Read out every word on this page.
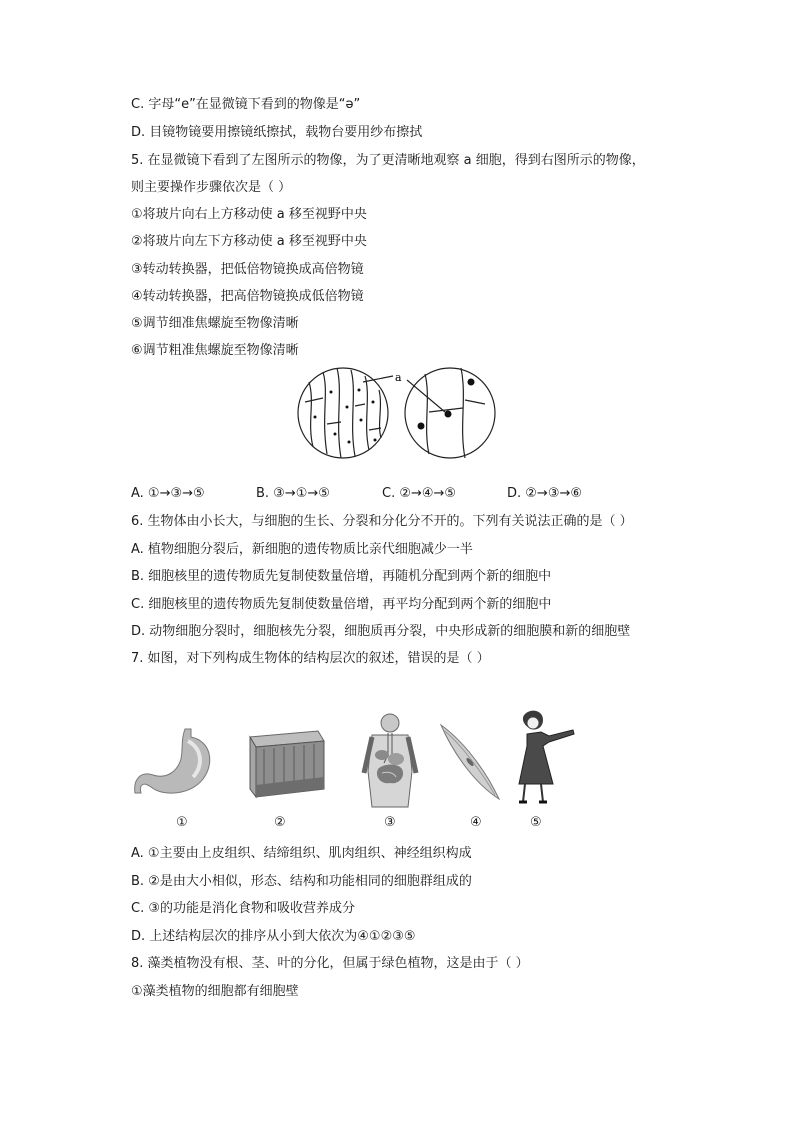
C. 字母“e”在显微镜下看到的物像是“ə”
D. 目镜物镜要用擦镜纸擦拭，载物台要用纱布擦拭
5. 在显微镜下看到了左图所示的物像，为了更清晰地观察 a 细胞，得到右图所示的物像，
则主要操作步骤依次是（ ）
①将玻片向右上方移动使 a 移至视野中央
②将玻片向左下方移动使 a 移至视野中央
③转动转换器，把低倍物镜换成高倍物镜
④转动转换器，把高倍物镜换成低倍物镜
⑤调节细准焦螺旋至物像清晰
⑥调节粗准焦螺旋至物像清晰
a
A. ①→③→⑤	B. ③→①→⑤	C. ②→④→⑤	D. ②→③→⑥
6. 生物体由小长大，与细胞的生长、分裂和分化分不开的。下列有关说法正确的是（ ）
A. 植物细胞分裂后，新细胞的遗传物质比亲代细胞减少一半
B. 细胞核里的遗传物质先复制使数量倍增，再随机分配到两个新的细胞中
C. 细胞核里的遗传物质先复制使数量倍增，再平均分配到两个新的细胞中
D. 动物细胞分裂时，细胞核先分裂，细胞质再分裂，中央形成新的细胞膜和新的细胞壁
7. 如图，对下列构成生物体的结构层次的叙述，错误的是（ ）
①	②	③	④	⑤
A. ①主要由上皮组织、结缔组织、肌肉组织、神经组织构成
B. ②是由大小相似，形态、结构和功能相同的细胞群组成的
C. ③的功能是消化食物和吸收营养成分
D. 上述结构层次的排序从小到大依次为④①②③⑤
8. 藻类植物没有根、茎、叶的分化，但属于绿色植物，这是由于（ ）
①藻类植物的细胞都有细胞壁
